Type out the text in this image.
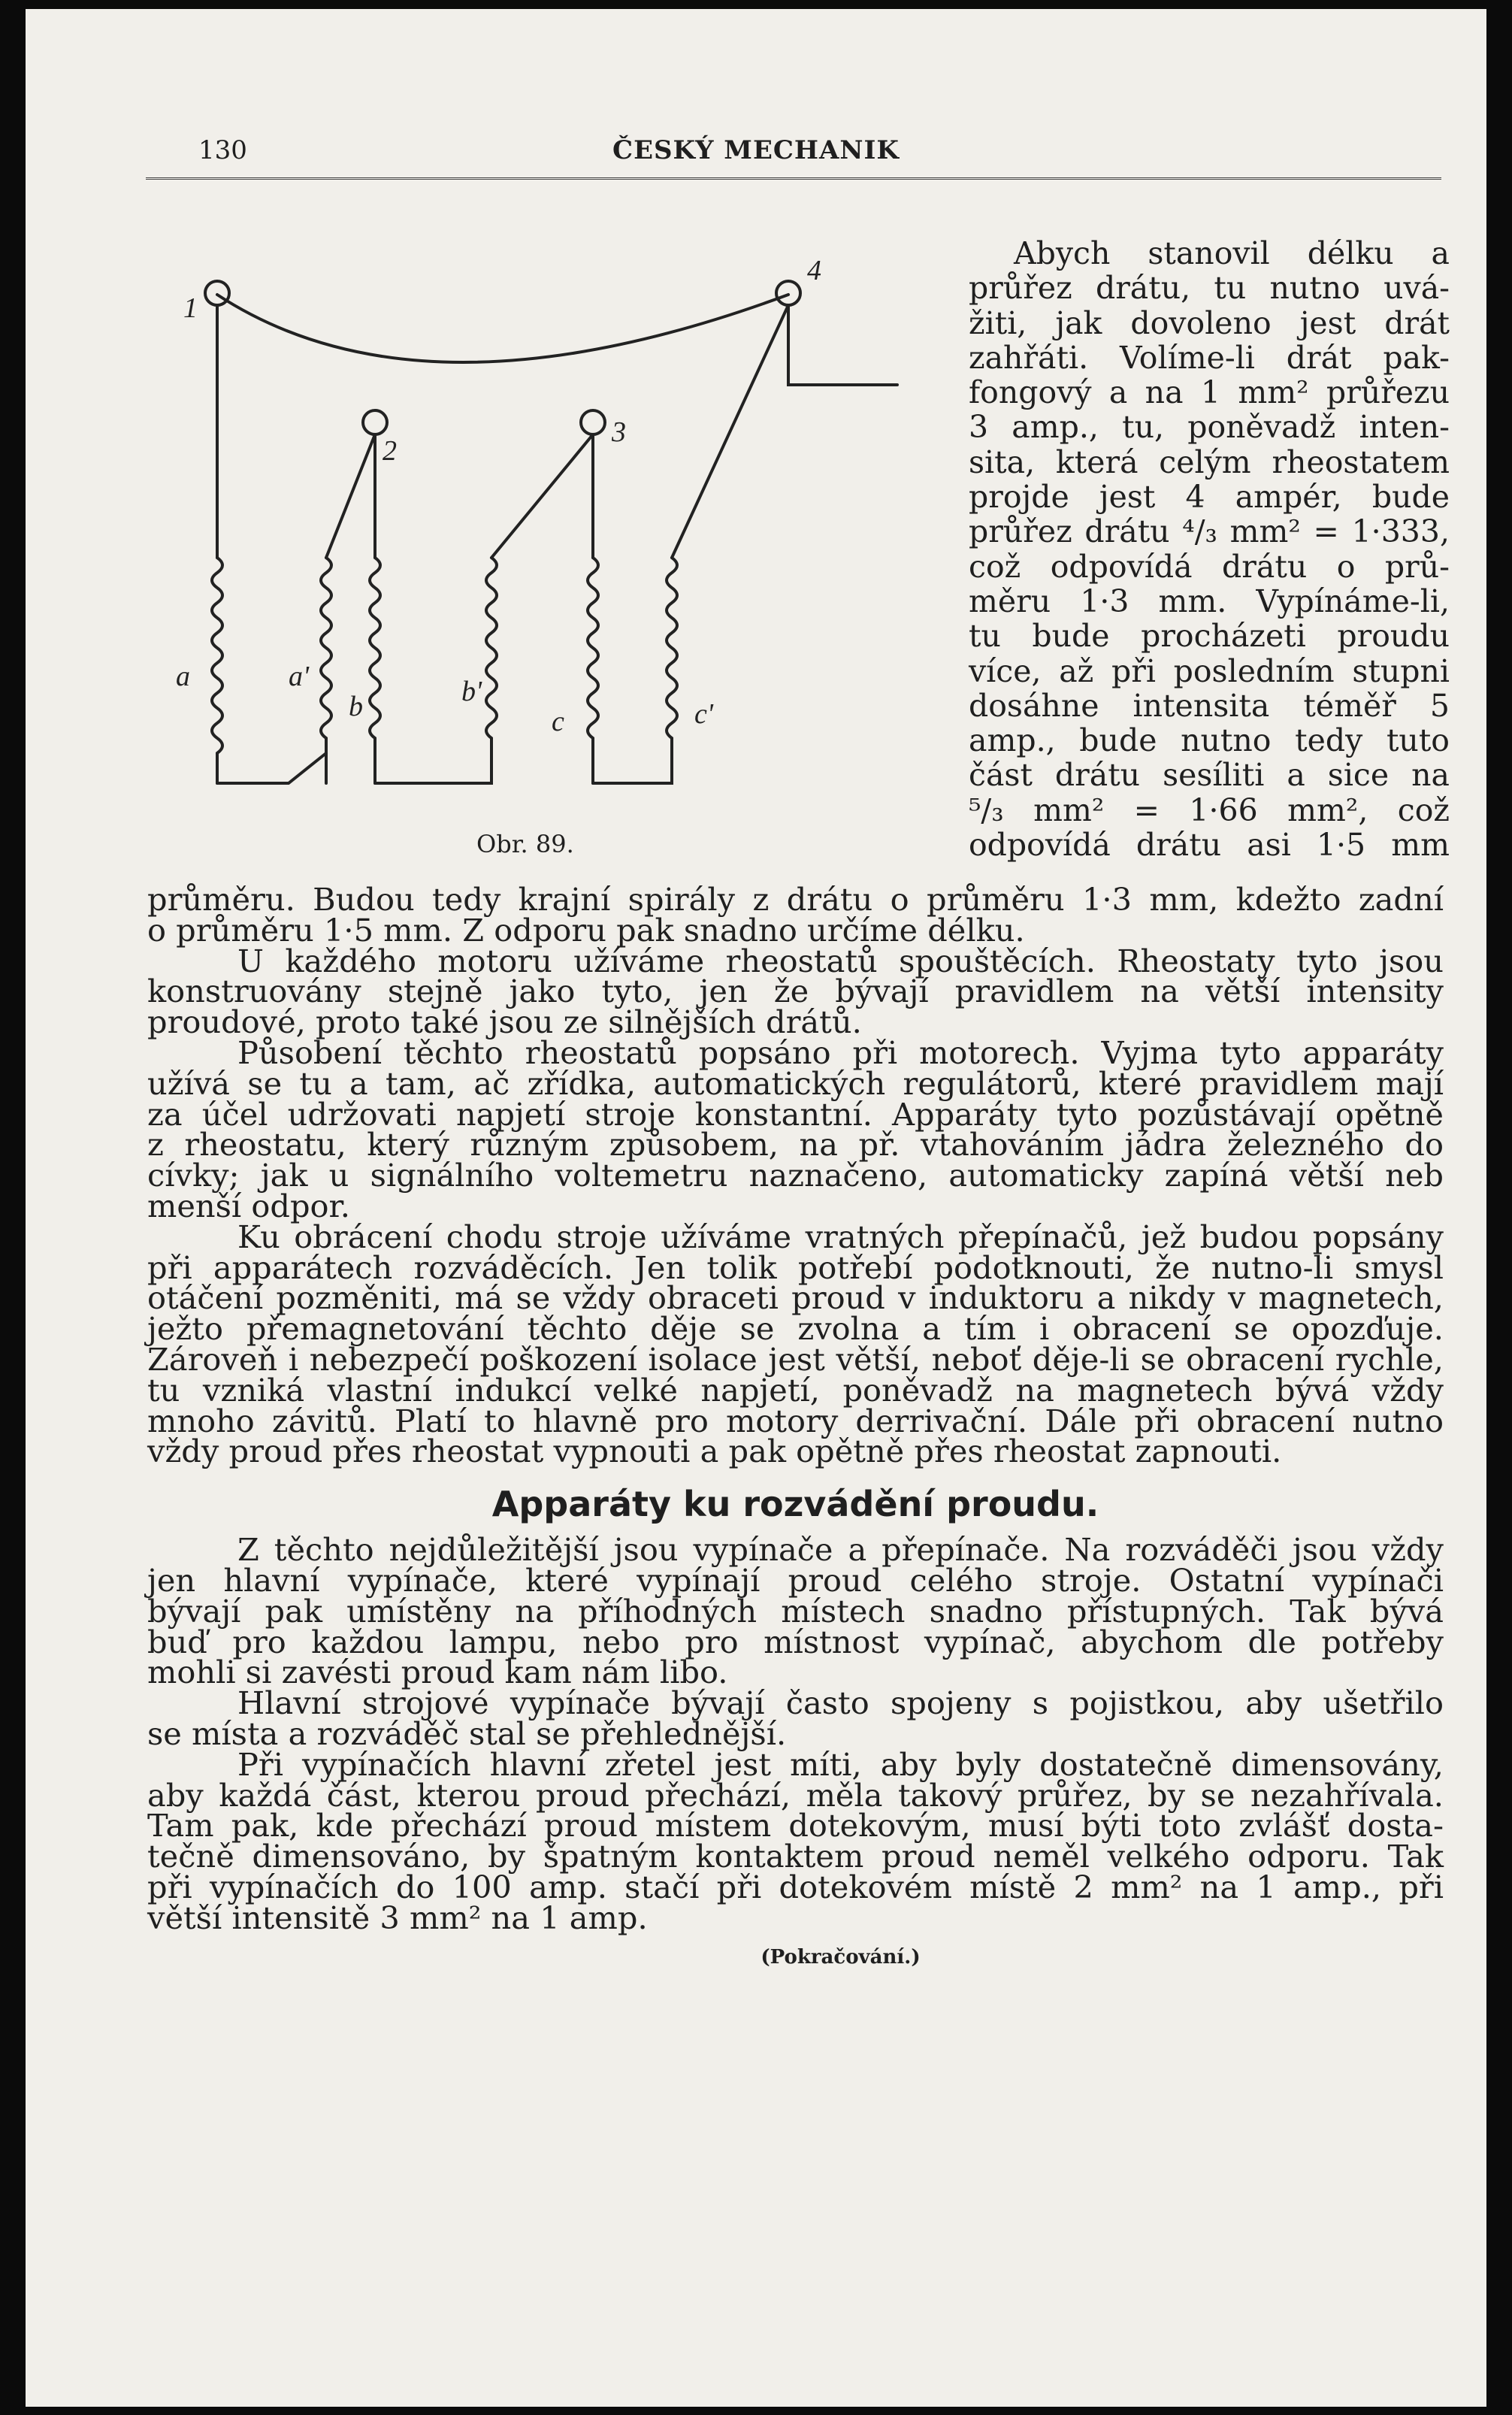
130	ČESKÝ MECHANIK
1
2
3
4
a	a'
b	b'
c	c'
Obr. 89.
Abych stanovil délku a
průřez drátu, tu nutno uvá-
žiti, jak dovoleno jest drát
zahřáti. Volíme-li drát pak-
fongový a na 1 mm² průřezu
3 amp., tu, poněvadž inten-
sita, která celým rheostatem
projde jest 4 ampér, bude
průřez drátu ⁴/₃ mm² = 1·333,
což odpovídá drátu o prů-
měru 1·3 mm. Vypínáme-li,
tu bude procházeti proudu
více, až při posledním stupni
dosáhne intensita téměř 5
amp., bude nutno tedy tuto
část drátu sesíliti a sice na
⁵/₃ mm² = 1·66 mm², což
odpovídá drátu asi 1·5 mm
průměru. Budou tedy krajní spirály z drátu o průměru 1·3 mm, kdežto zadní
o průměru 1·5 mm. Z odporu pak snadno určíme délku.
U každého motoru užíváme rheostatů spouštěcích. Rheostaty tyto jsou
konstruovány stejně jako tyto, jen že bývají pravidlem na větší intensity
proudové, proto také jsou ze silnějších drátů.
Působení těchto rheostatů popsáno při motorech. Vyjma tyto apparáty
užívá se tu a tam, ač zřídka, automatických regulátorů, které pravidlem mají
za účel udržovati napjetí stroje konstantní. Apparáty tyto pozůstávají opětně
z rheostatu, který různým způsobem, na př. vtahováním jádra železného do
cívky; jak u signálního voltemetru naznačeno, automaticky zapíná větší neb
menší odpor.
Ku obrácení chodu stroje užíváme vratných přepínačů, jež budou popsány
při apparátech rozváděcích. Jen tolik potřebí podotknouti, že nutno-li smysl
otáčení pozměniti, má se vždy obraceti proud v induktoru a nikdy v magnetech,
ježto přemagnetování těchto děje se zvolna a tím i obracení se opozďuje.
Zároveň i nebezpečí poškození isolace jest větší, neboť děje-li se obracení rychle,
tu vzniká vlastní indukcí velké napjetí, poněvadž na magnetech bývá vždy
mnoho závitů. Platí to hlavně pro motory derrivační. Dále při obracení nutno
vždy proud přes rheostat vypnouti a pak opětně přes rheostat zapnouti.
Apparáty ku rozvádění proudu.
Z těchto nejdůležitější jsou vypínače a přepínače. Na rozváděči jsou vždy
jen hlavní vypínače, které vypínají proud celého stroje. Ostatní vypínači
bývají pak umístěny na příhodných místech snadno přístupných. Tak bývá
buď pro každou lampu, nebo pro místnost vypínač, abychom dle potřeby
mohli si zavésti proud kam nám libo.
Hlavní strojové vypínače bývají často spojeny s pojistkou, aby ušetřilo
se místa a rozváděč stal se přehlednější.
Při vypínačích hlavní zřetel jest míti, aby byly dostatečně dimensovány,
aby každá část, kterou proud přechází, měla takový průřez, by se nezahřívala.
Tam pak, kde přechází proud místem dotekovým, musí býti toto zvlášť dosta-
tečně dimensováno, by špatným kontaktem proud neměl velkého odporu. Tak
při vypínačích do 100 amp. stačí při dotekovém místě 2 mm² na 1 amp., při
větší intensitě 3 mm² na 1 amp.
(Pokračování.)
